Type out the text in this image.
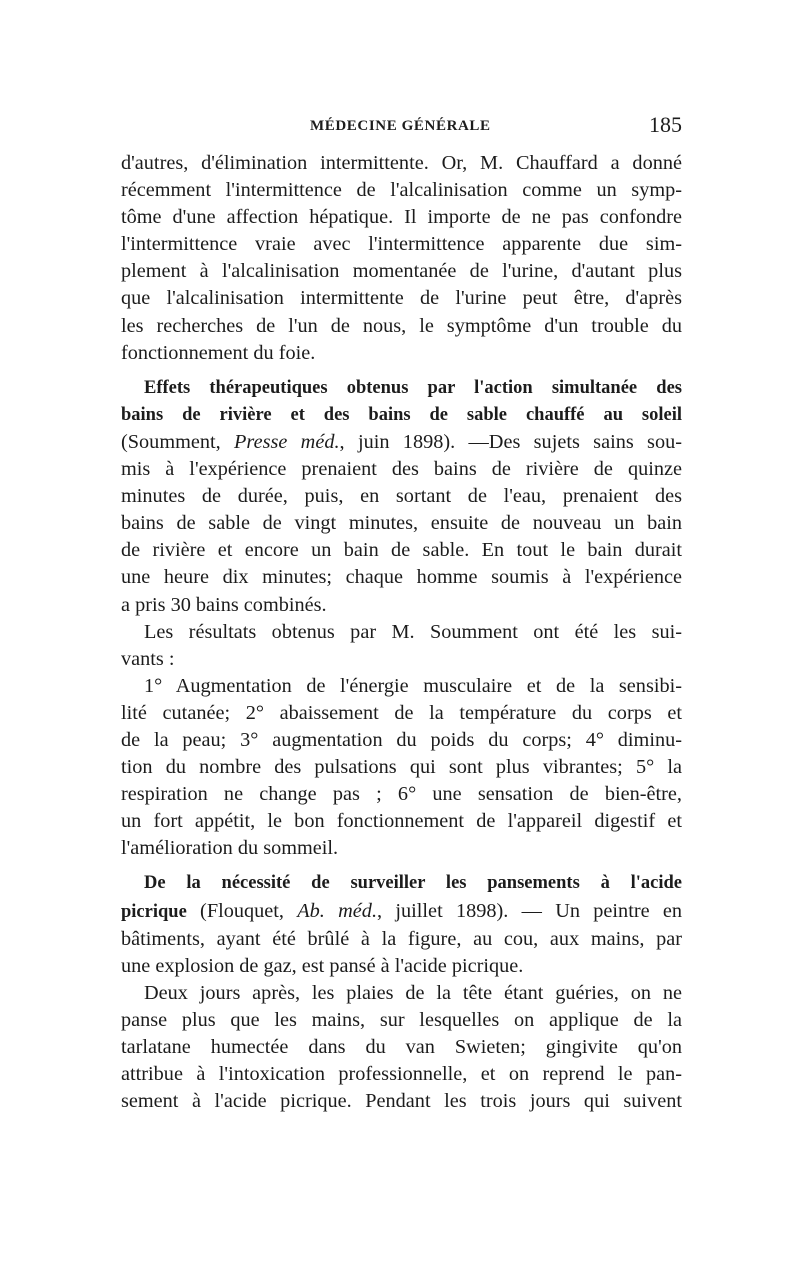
MÉDECINE GÉNÉRALE	185

d'autres, d'élimination intermittente. Or, M. Chauffard a donné
récemment l'intermittence de l'alcalinisation comme un symp-
tôme d'une affection hépatique. Il importe de ne pas confondre
l'intermittence vraie avec l'intermittence apparente due sim-
plement à l'alcalinisation momentanée de l'urine, d'autant plus
que l'alcalinisation intermittente de l'urine peut être, d'après
les recherches de l'un de nous, le symptôme d'un trouble du
fonctionnement du foie.

Effets thérapeutiques obtenus par l'action simultanée des
bains de rivière et des bains de sable chauffé au soleil
(Soumment, Presse méd., juin 1898). —Des sujets sains sou-
mis à l'expérience prenaient des bains de rivière de quinze
minutes de durée, puis, en sortant de l'eau, prenaient des
bains de sable de vingt minutes, ensuite de nouveau un bain
de rivière et encore un bain de sable. En tout le bain durait
une heure dix minutes; chaque homme soumis à l'expérience
a pris 30 bains combinés.

Les résultats obtenus par M. Soumment ont été les sui-
vants :

1° Augmentation de l'énergie musculaire et de la sensibi-
lité cutanée; 2° abaissement de la température du corps et
de la peau; 3° augmentation du poids du corps; 4° diminu-
tion du nombre des pulsations qui sont plus vibrantes; 5° la
respiration ne change pas ; 6° une sensation de bien-être,
un fort appétit, le bon fonctionnement de l'appareil digestif et
l'amélioration du sommeil.

De la nécessité de surveiller les pansements à l'acide
picrique (Flouquet, Ab. méd., juillet 1898). — Un peintre en
bâtiments, ayant été brûlé à la figure, au cou, aux mains, par
une explosion de gaz, est pansé à l'acide picrique.

Deux jours après, les plaies de la tête étant guéries, on ne
panse plus que les mains, sur lesquelles on applique de la
tarlatane humectée dans du van Swieten; gingivite qu'on
attribue à l'intoxication professionnelle, et on reprend le pan-
sement à l'acide picrique. Pendant les trois jours qui suivent
